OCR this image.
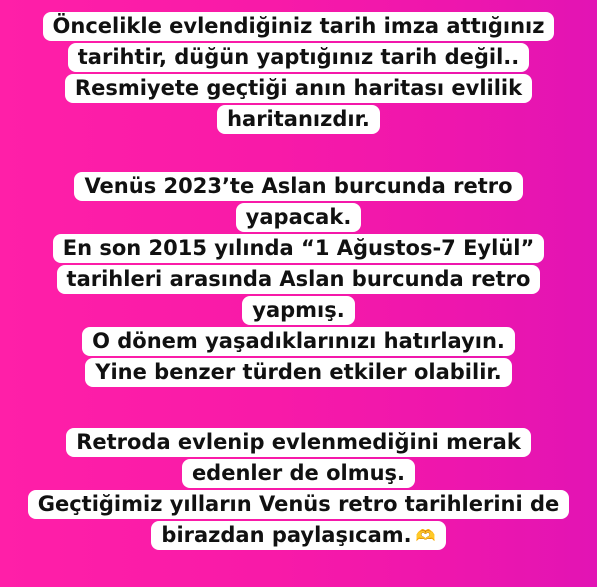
Öncelikle evlendiğiniz tarih imza attığınız
tarihtir, düğün yaptığınız tarih değil..
Resmiyete geçtiği anın haritası evlilik
haritanızdır.
Venüs 2023’te Aslan burcunda retro
yapacak.
En son 2015 yılında “1 Ağustos-7 Eylül”
tarihleri arasında Aslan burcunda retro
yapmış.
O dönem yaşadıklarınızı hatırlayın.
Yine benzer türden etkiler olabilir.
Retroda evlenip evlenmediğini merak
edenler de olmuş.
Geçtiğimiz yılların Venüs retro tarihlerini de
birazdan paylaşıcam. 🫶
